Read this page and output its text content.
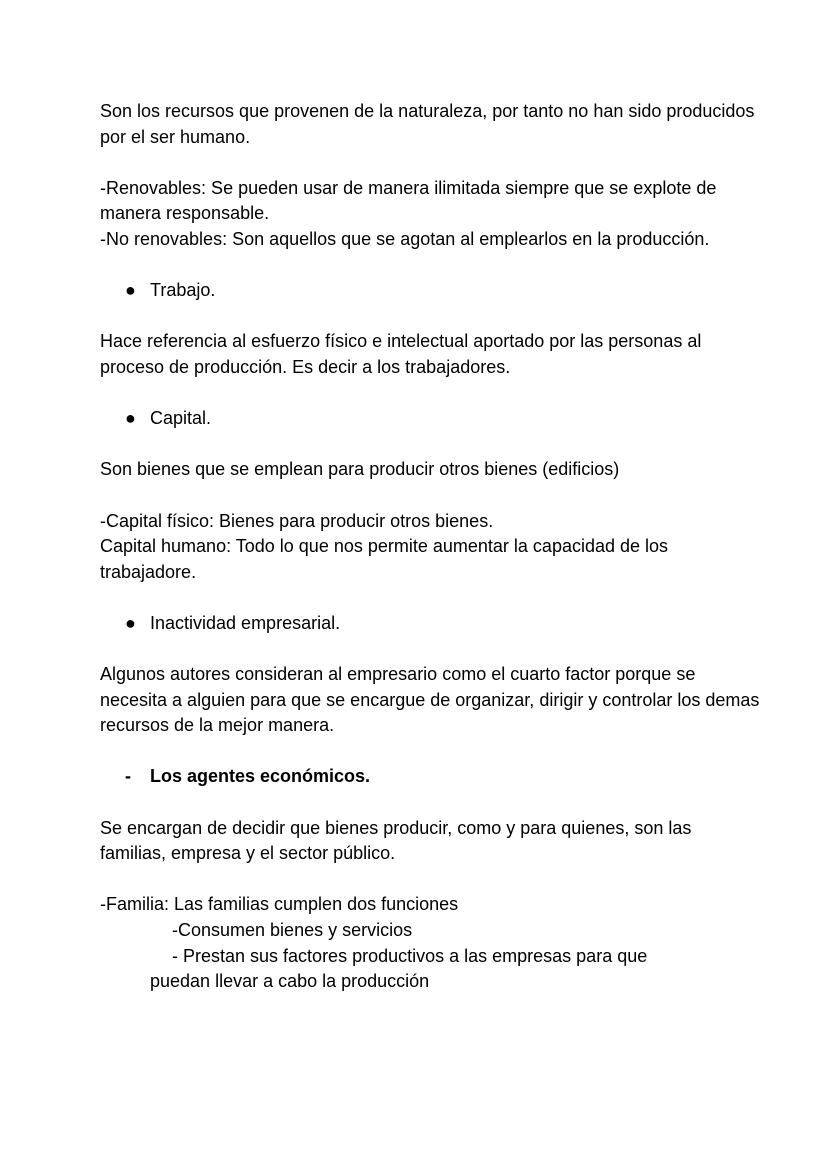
Son los recursos que provenen de la naturaleza, por tanto no han sido producidos por el ser humano.

-Renovables: Se pueden usar de manera ilimitada siempre que se explote de manera responsable.

-No renovables: Son aquellos que se agotan al emplearlos en la producción.

● Trabajo.

Hace referencia al esfuerzo físico e intelectual aportado por las personas al proceso de producción. Es decir a los trabajadores.

● Capital.

Son bienes que se emplean para producir otros bienes (edificios)

-Capital físico: Bienes para producir otros bienes.

Capital humano: Todo lo que nos permite aumentar la capacidad de los trabajadore.

● Inactividad empresarial.

Algunos autores consideran al empresario como el cuarto factor porque se necesita a alguien para que se encargue de organizar, dirigir y controlar los demas recursos de la mejor manera.

-	Los agentes económicos.

Se encargan de decidir que bienes producir, como y para quienes, son las familias, empresa y el sector público.

-Familia: Las familias cumplen dos funciones

-Consumen bienes y servicios

- Prestan sus factores productivos a las empresas para que

puedan llevar a cabo la producción
